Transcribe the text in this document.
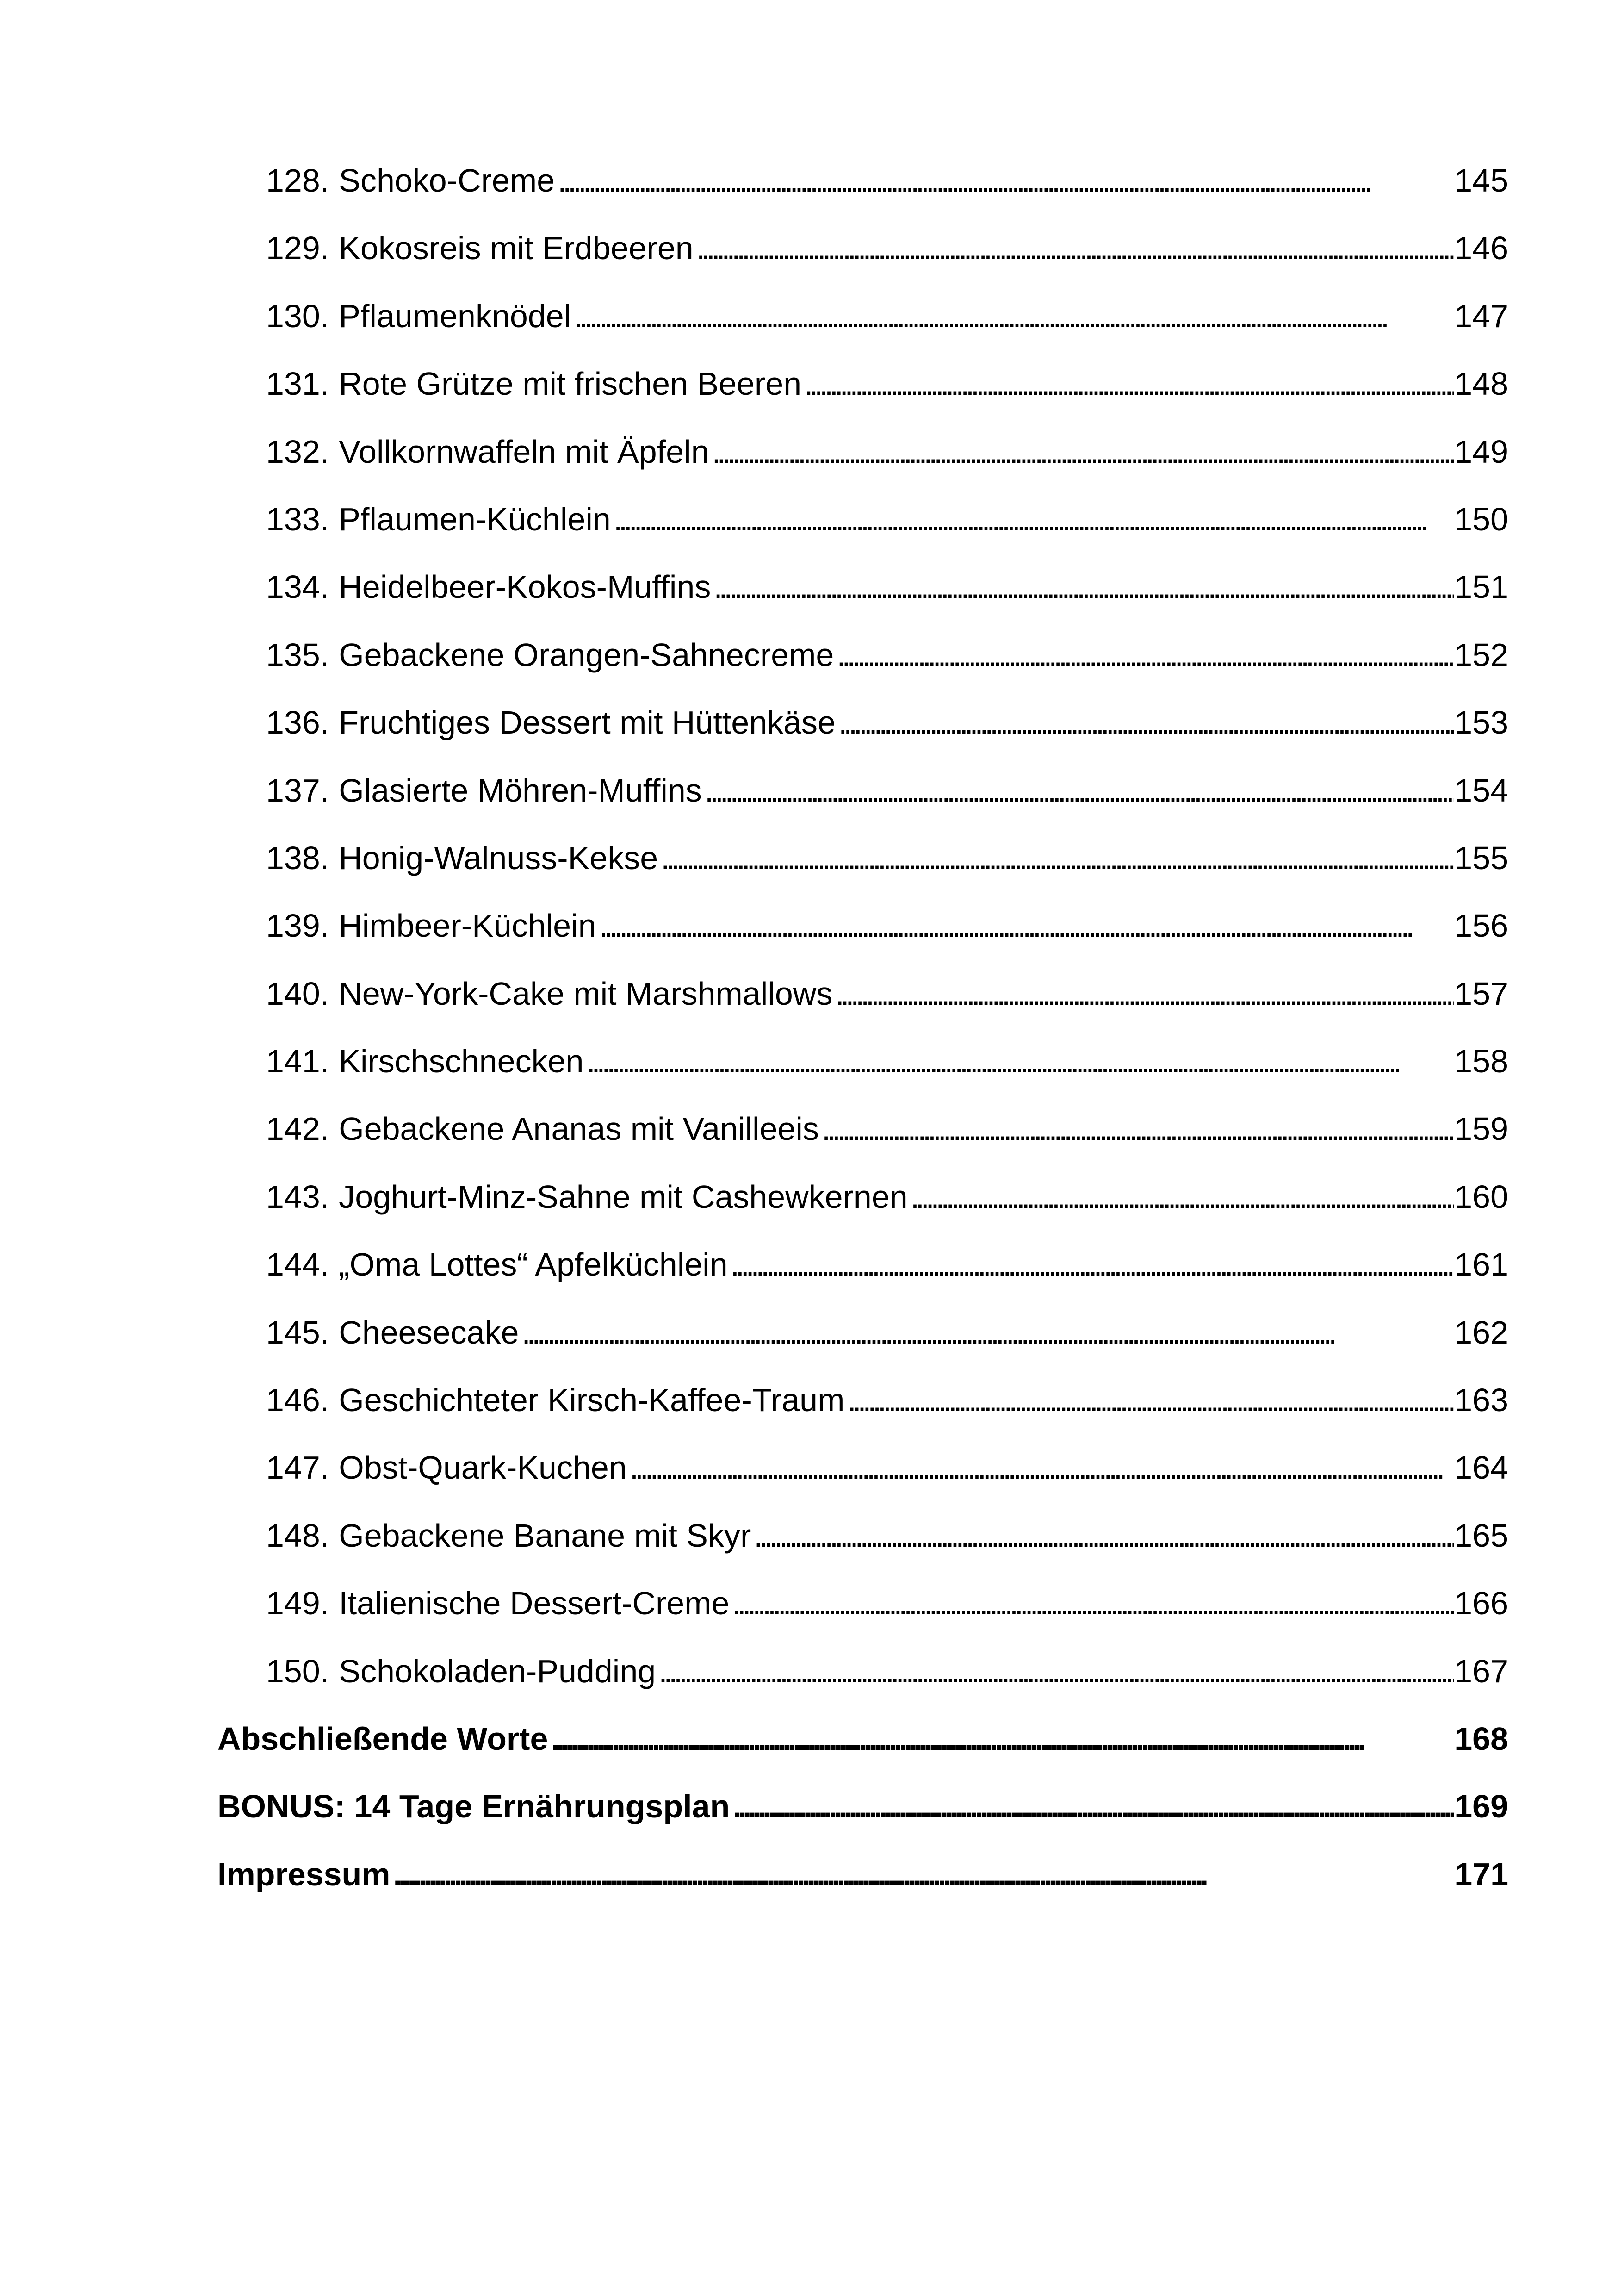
128. Schoko-Creme . . .	145
129. Kokosreis mit Erdbeeren . . .	146
130. Pflaumenknödel . . .	147
131. Rote Grütze mit frischen Beeren . . .	148
132. Vollkornwaffeln mit Äpfeln . . .	149
133. Pflaumen-Küchlein . . .	150
134. Heidelbeer-Kokos-Muffins . . .	151
135. Gebackene Orangen-Sahnecreme . . .	152
136. Fruchtiges Dessert mit Hüttenkäse . . .	153
137. Glasierte Möhren-Muffins . . .	154
138. Honig-Walnuss-Kekse . . .	155
139. Himbeer-Küchlein . . .	156
140. New-York-Cake mit Marshmallows . . .	157
141. Kirschschnecken . . .	158
142. Gebackene Ananas mit Vanilleeis . . .	159
143. Joghurt-Minz-Sahne mit Cashewkernen . . .	160
144. „Oma Lottes“ Apfelküchlein . . .	161
145. Cheesecake . . .	162
146. Geschichteter Kirsch-Kaffee-Traum . . .	163
147. Obst-Quark-Kuchen . . .	164
148. Gebackene Banane mit Skyr . . .	165
149. Italienische Dessert-Creme . . .	166
150. Schokoladen-Pudding . . .	167
Abschließende Worte . . .	168
BONUS: 14 Tage Ernährungsplan . . .	169
Impressum . . .	171
